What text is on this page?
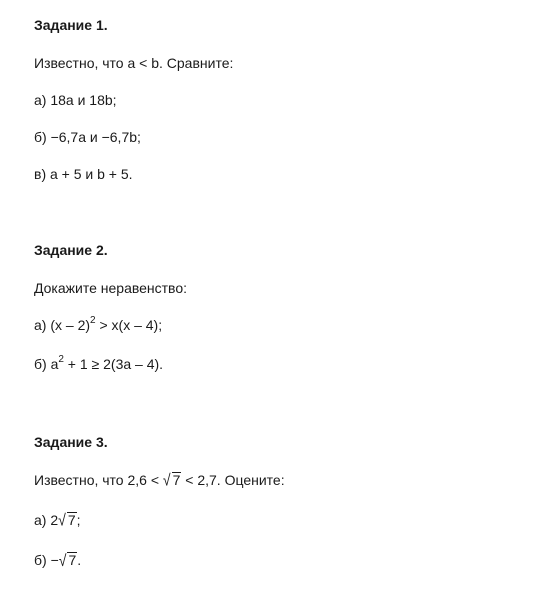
Задание 1.
Известно, что a < b. Сравните:
а) 18a и 18b;
б) −6,7a и −6,7b;
в) a + 5 и b + 5.
Задание 2.
Докажите неравенство:
а) (x – 2)$^2$ > x(x – 4);
б) $a^2 + 1 \ge 2(3a - 4)$.
Задание 3.
Известно, что 2,6 < √ 7 < 2,7. Оцените:
а) 2√ 7;
б) −√ 7.
